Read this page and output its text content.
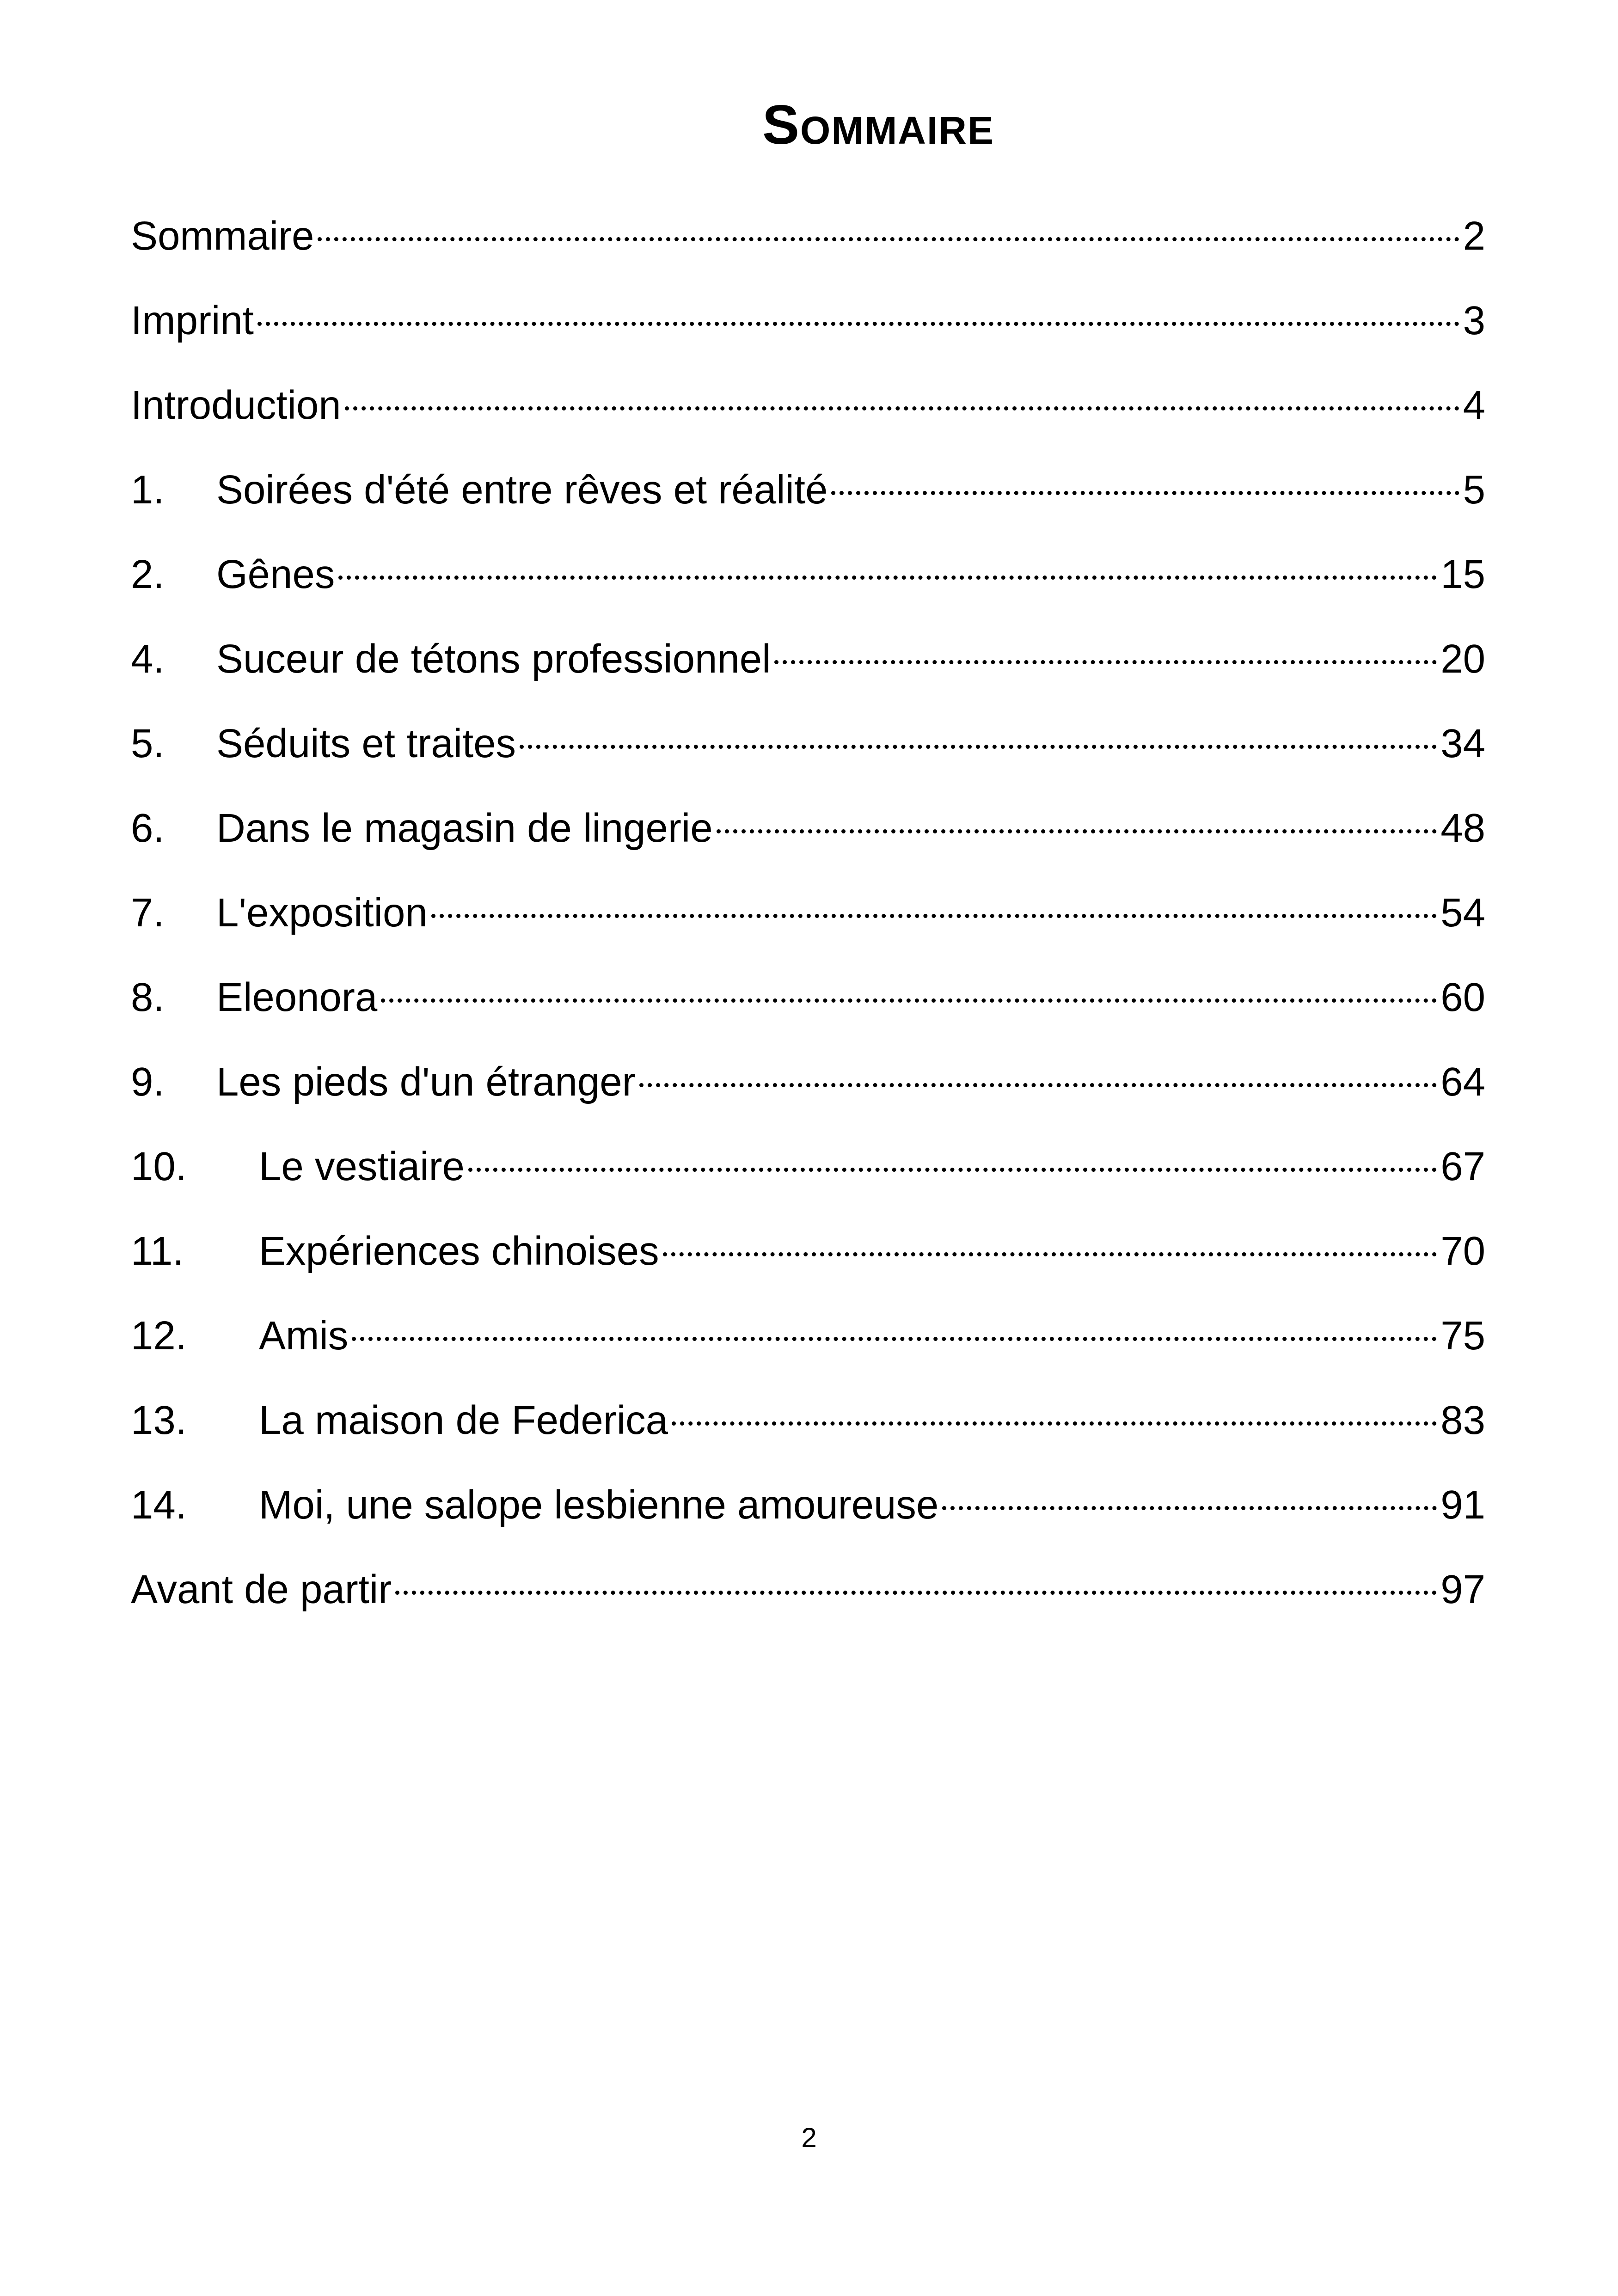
Sommaire
Sommaire	2
Imprint	3
Introduction	4
1.	Soirées d'été entre rêves et réalité	5
2.	Gênes	15
4.	Suceur de tétons professionnel	20
5.	Séduits et traites	34
6.	Dans le magasin de lingerie	48
7.	L'exposition	54
8.	Eleonora	60
9.	Les pieds d'un étranger	64
10.	Le vestiaire	67
11.	Expériences chinoises	70
12.	Amis	75
13.	La maison de Federica	83
14.	Moi, une salope lesbienne amoureuse	91
Avant de partir	97
2
